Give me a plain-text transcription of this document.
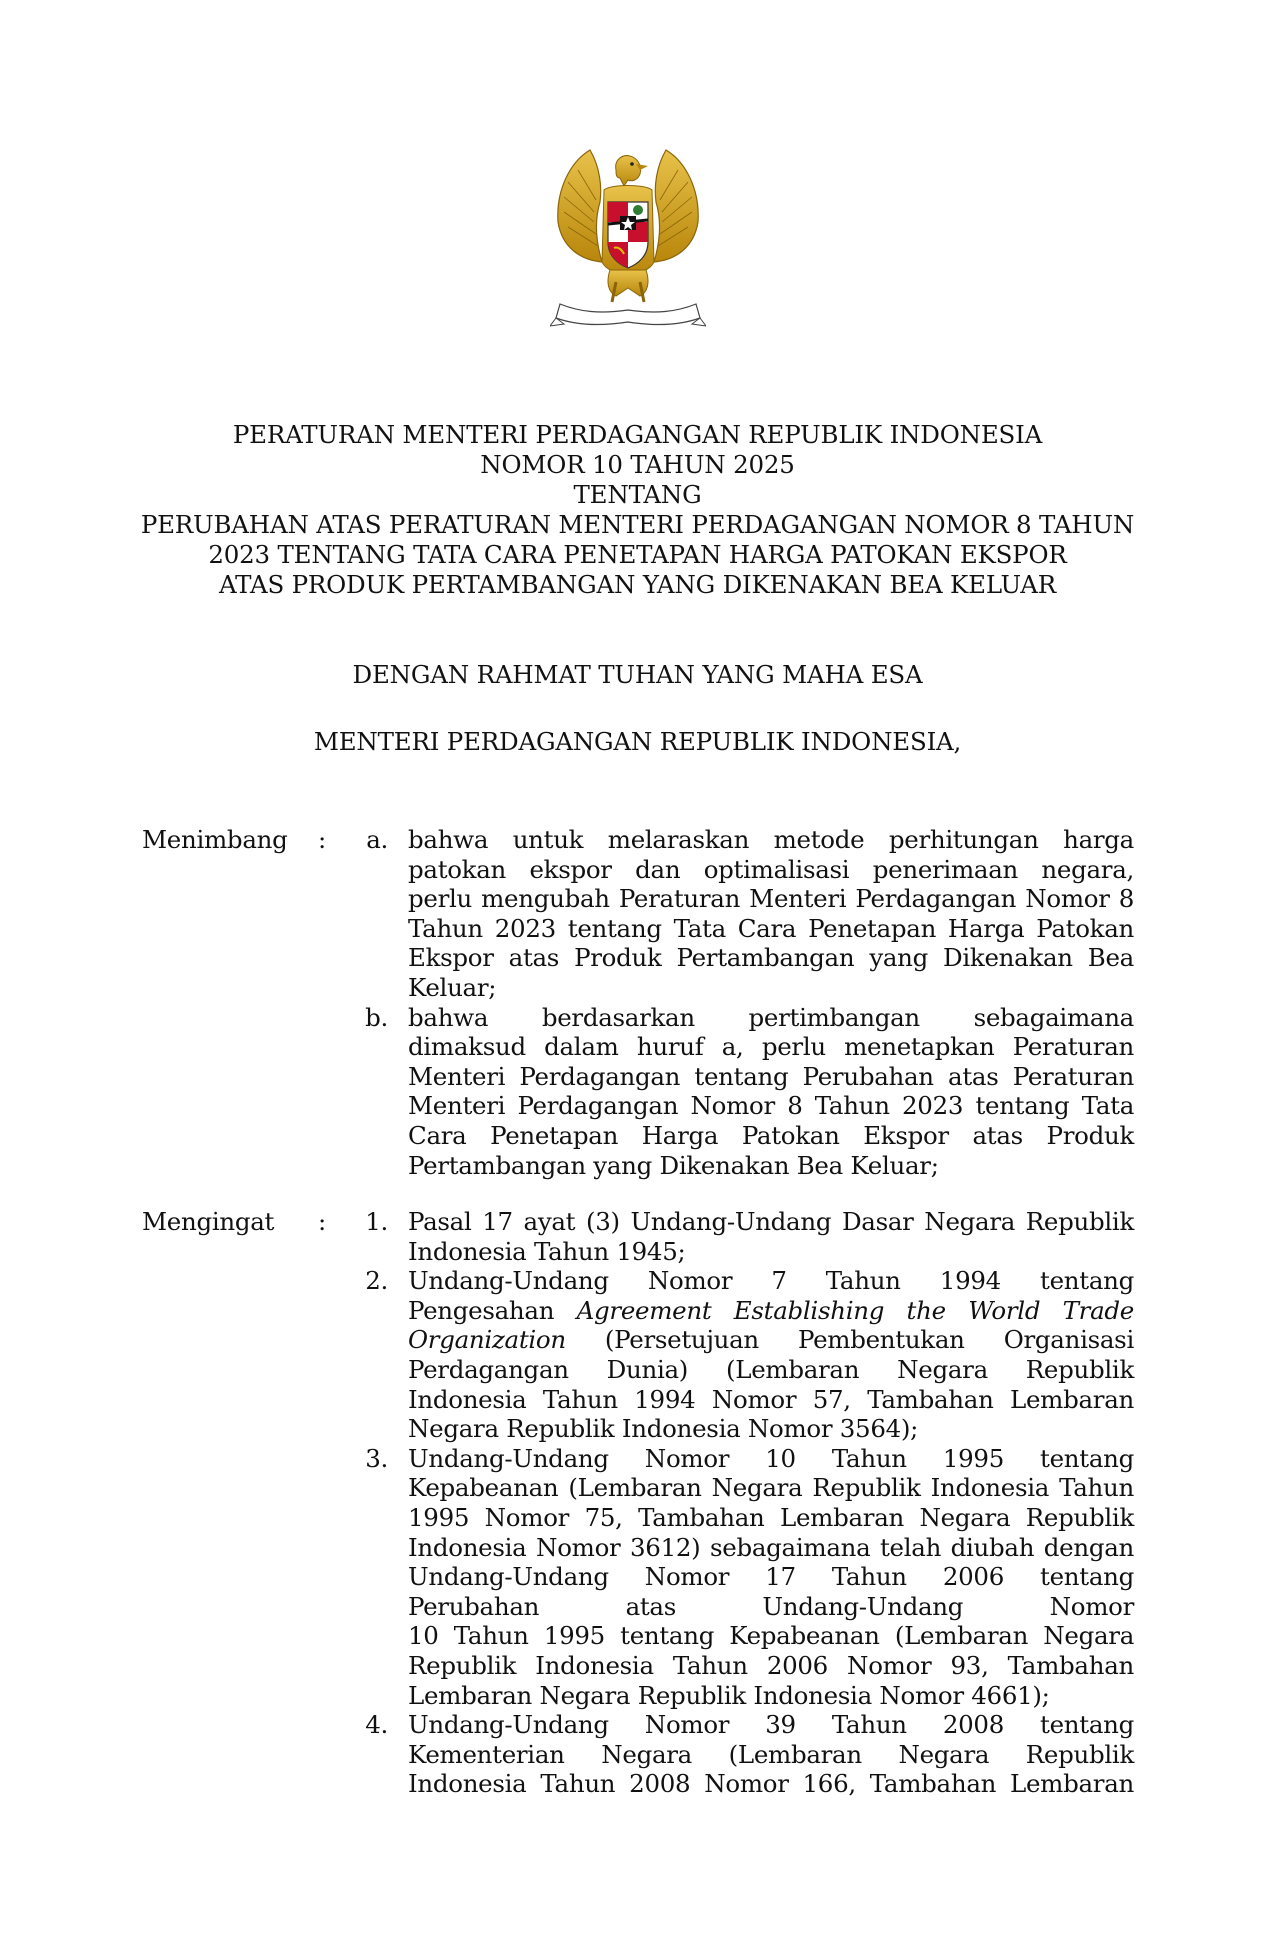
PERATURAN MENTERI PERDAGANGAN REPUBLIK INDONESIA
NOMOR 10 TAHUN 2025
TENTANG
PERUBAHAN ATAS PERATURAN MENTERI PERDAGANGAN NOMOR 8 TAHUN
2023 TENTANG TATA CARA PENETAPAN HARGA PATOKAN EKSPOR
ATAS PRODUK PERTAMBANGAN YANG DIKENAKAN BEA KELUAR
DENGAN RAHMAT TUHAN YANG MAHA ESA
MENTERI PERDAGANGAN REPUBLIK INDONESIA,
Menimbang :	a. bahwa untuk melaraskan metode perhitungan harga
patokan ekspor dan optimalisasi penerimaan negara,
perlu mengubah Peraturan Menteri Perdagangan Nomor 8
Tahun 2023 tentang Tata Cara Penetapan Harga Patokan
Ekspor atas Produk Pertambangan yang Dikenakan Bea
Keluar;
b. bahwa berdasarkan pertimbangan sebagaimana
dimaksud dalam huruf a, perlu menetapkan Peraturan
Menteri Perdagangan tentang Perubahan atas Peraturan
Menteri Perdagangan Nomor 8 Tahun 2023 tentang Tata
Cara Penetapan Harga Patokan Ekspor atas Produk
Pertambangan yang Dikenakan Bea Keluar;
Mengingat :	1. Pasal 17 ayat (3) Undang-Undang Dasar Negara Republik
Indonesia Tahun 1945;
2. Undang-Undang Nomor 7 Tahun 1994 tentang
Pengesahan Agreement Establishing the World Trade
Organization (Persetujuan Pembentukan Organisasi
Perdagangan Dunia) (Lembaran Negara Republik
Indonesia Tahun 1994 Nomor 57, Tambahan Lembaran
Negara Republik Indonesia Nomor 3564);
3. Undang-Undang Nomor 10 Tahun 1995 tentang
Kepabeanan (Lembaran Negara Republik Indonesia Tahun
1995 Nomor 75, Tambahan Lembaran Negara Republik
Indonesia Nomor 3612) sebagaimana telah diubah dengan
Undang-Undang Nomor 17 Tahun 2006 tentang
Perubahan atas Undang-Undang Nomor
10 Tahun 1995 tentang Kepabeanan (Lembaran Negara
Republik Indonesia Tahun 2006 Nomor 93, Tambahan
Lembaran Negara Republik Indonesia Nomor 4661);
4. Undang-Undang Nomor 39 Tahun 2008 tentang
Kementerian Negara (Lembaran Negara Republik
Indonesia Tahun 2008 Nomor 166, Tambahan Lembaran
